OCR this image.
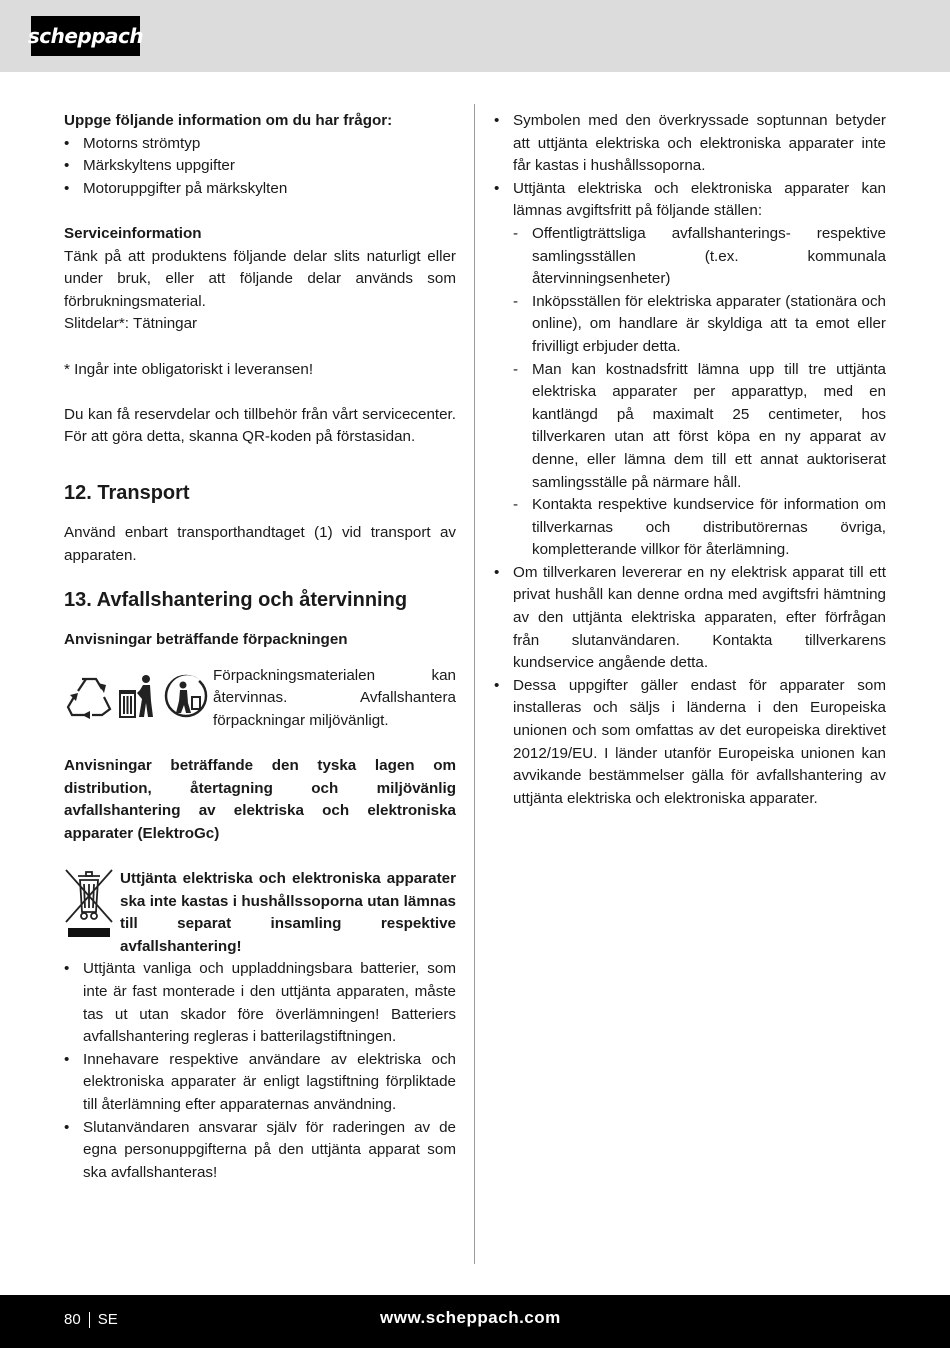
scheppach

Uppge följande information om du har frågor:

• Motorns strömtyp
• Märkskyltens uppgifter
• Motoruppgifter på märkskylten

Serviceinformation

Tänk på att produktens följande delar slits naturligt eller under bruk, eller att följande delar används som förbrukningsmaterial.

Slitdelar*: Tätningar

* Ingår inte obligatoriskt i leveransen!

Du kan få reservdelar och tillbehör från vårt servicecenter. För att göra detta, skanna QR-koden på förstasidan.

12. Transport

Använd enbart transporthandtaget (1) vid transport av apparaten.

13. Avfallshantering och återvinning

Anvisningar beträffande förpackningen

Förpackningsmaterialen kan återvinnas. Avfallshantera förpackningar miljövänligt.

Anvisningar beträffande den tyska lagen om distribution, återtagning och miljövänlig avfallshantering av elektriska och elektroniska apparater (ElektroGc)

Uttjänta elektriska och elektroniska apparater ska inte kastas i hushållssoporna utan lämnas till separat insamling respektive avfallshantering!

• Uttjänta vanliga och uppladdningsbara batterier, som inte är fast monterade i den uttjänta apparaten, måste tas ut utan skador före överlämningen! Batteriers avfallshantering regleras i batterilagstiftningen.
• Innehavare respektive användare av elektriska och elektroniska apparater är enligt lagstiftning förpliktade till återlämning efter apparaternas användning.
• Slutanvändaren ansvarar själv för raderingen av de egna personuppgifterna på den uttjänta apparat som ska avfallshanteras!
• Symbolen med den överkryssade soptunnan betyder att uttjänta elektriska och elektroniska apparater inte får kastas i hushållssoporna.
• Uttjänta elektriska och elektroniska apparater kan lämnas avgiftsfritt på följande ställen:
- Offentligträttsliga avfallshanterings- respektive samlingsställen (t.ex. kommunala återvinningsenheter)
- Inköpsställen för elektriska apparater (stationära och online), om handlare är skyldiga att ta emot eller frivilligt erbjuder detta.
- Man kan kostnadsfritt lämna upp till tre uttjänta elektriska apparater per apparattyp, med en kantlängd på maximalt 25 centimeter, hos tillverkaren utan att först köpa en ny apparat av denne, eller lämna dem till ett annat auktoriserat samlingsställe på närmare håll.
- Kontakta respektive kundservice för information om tillverkarnas och distributörernas övriga, kompletterande villkor för återlämning.
• Om tillverkaren levererar en ny elektrisk apparat till ett privat hushåll kan denne ordna med avgiftsfri hämtning av den uttjänta elektriska apparaten, efter förfrågan från slutanvändaren. Kontakta tillverkarens kundservice angående detta.
• Dessa uppgifter gäller endast för apparater som installeras och säljs i länderna i den Europeiska unionen och som omfattas av det europeiska direktivet 2012/19/EU. I länder utanför Europeiska unionen kan avvikande bestämmelser gälla för avfallshantering av uttjänta elektriska och elektroniska apparater.
80 SE	www.scheppach.com
